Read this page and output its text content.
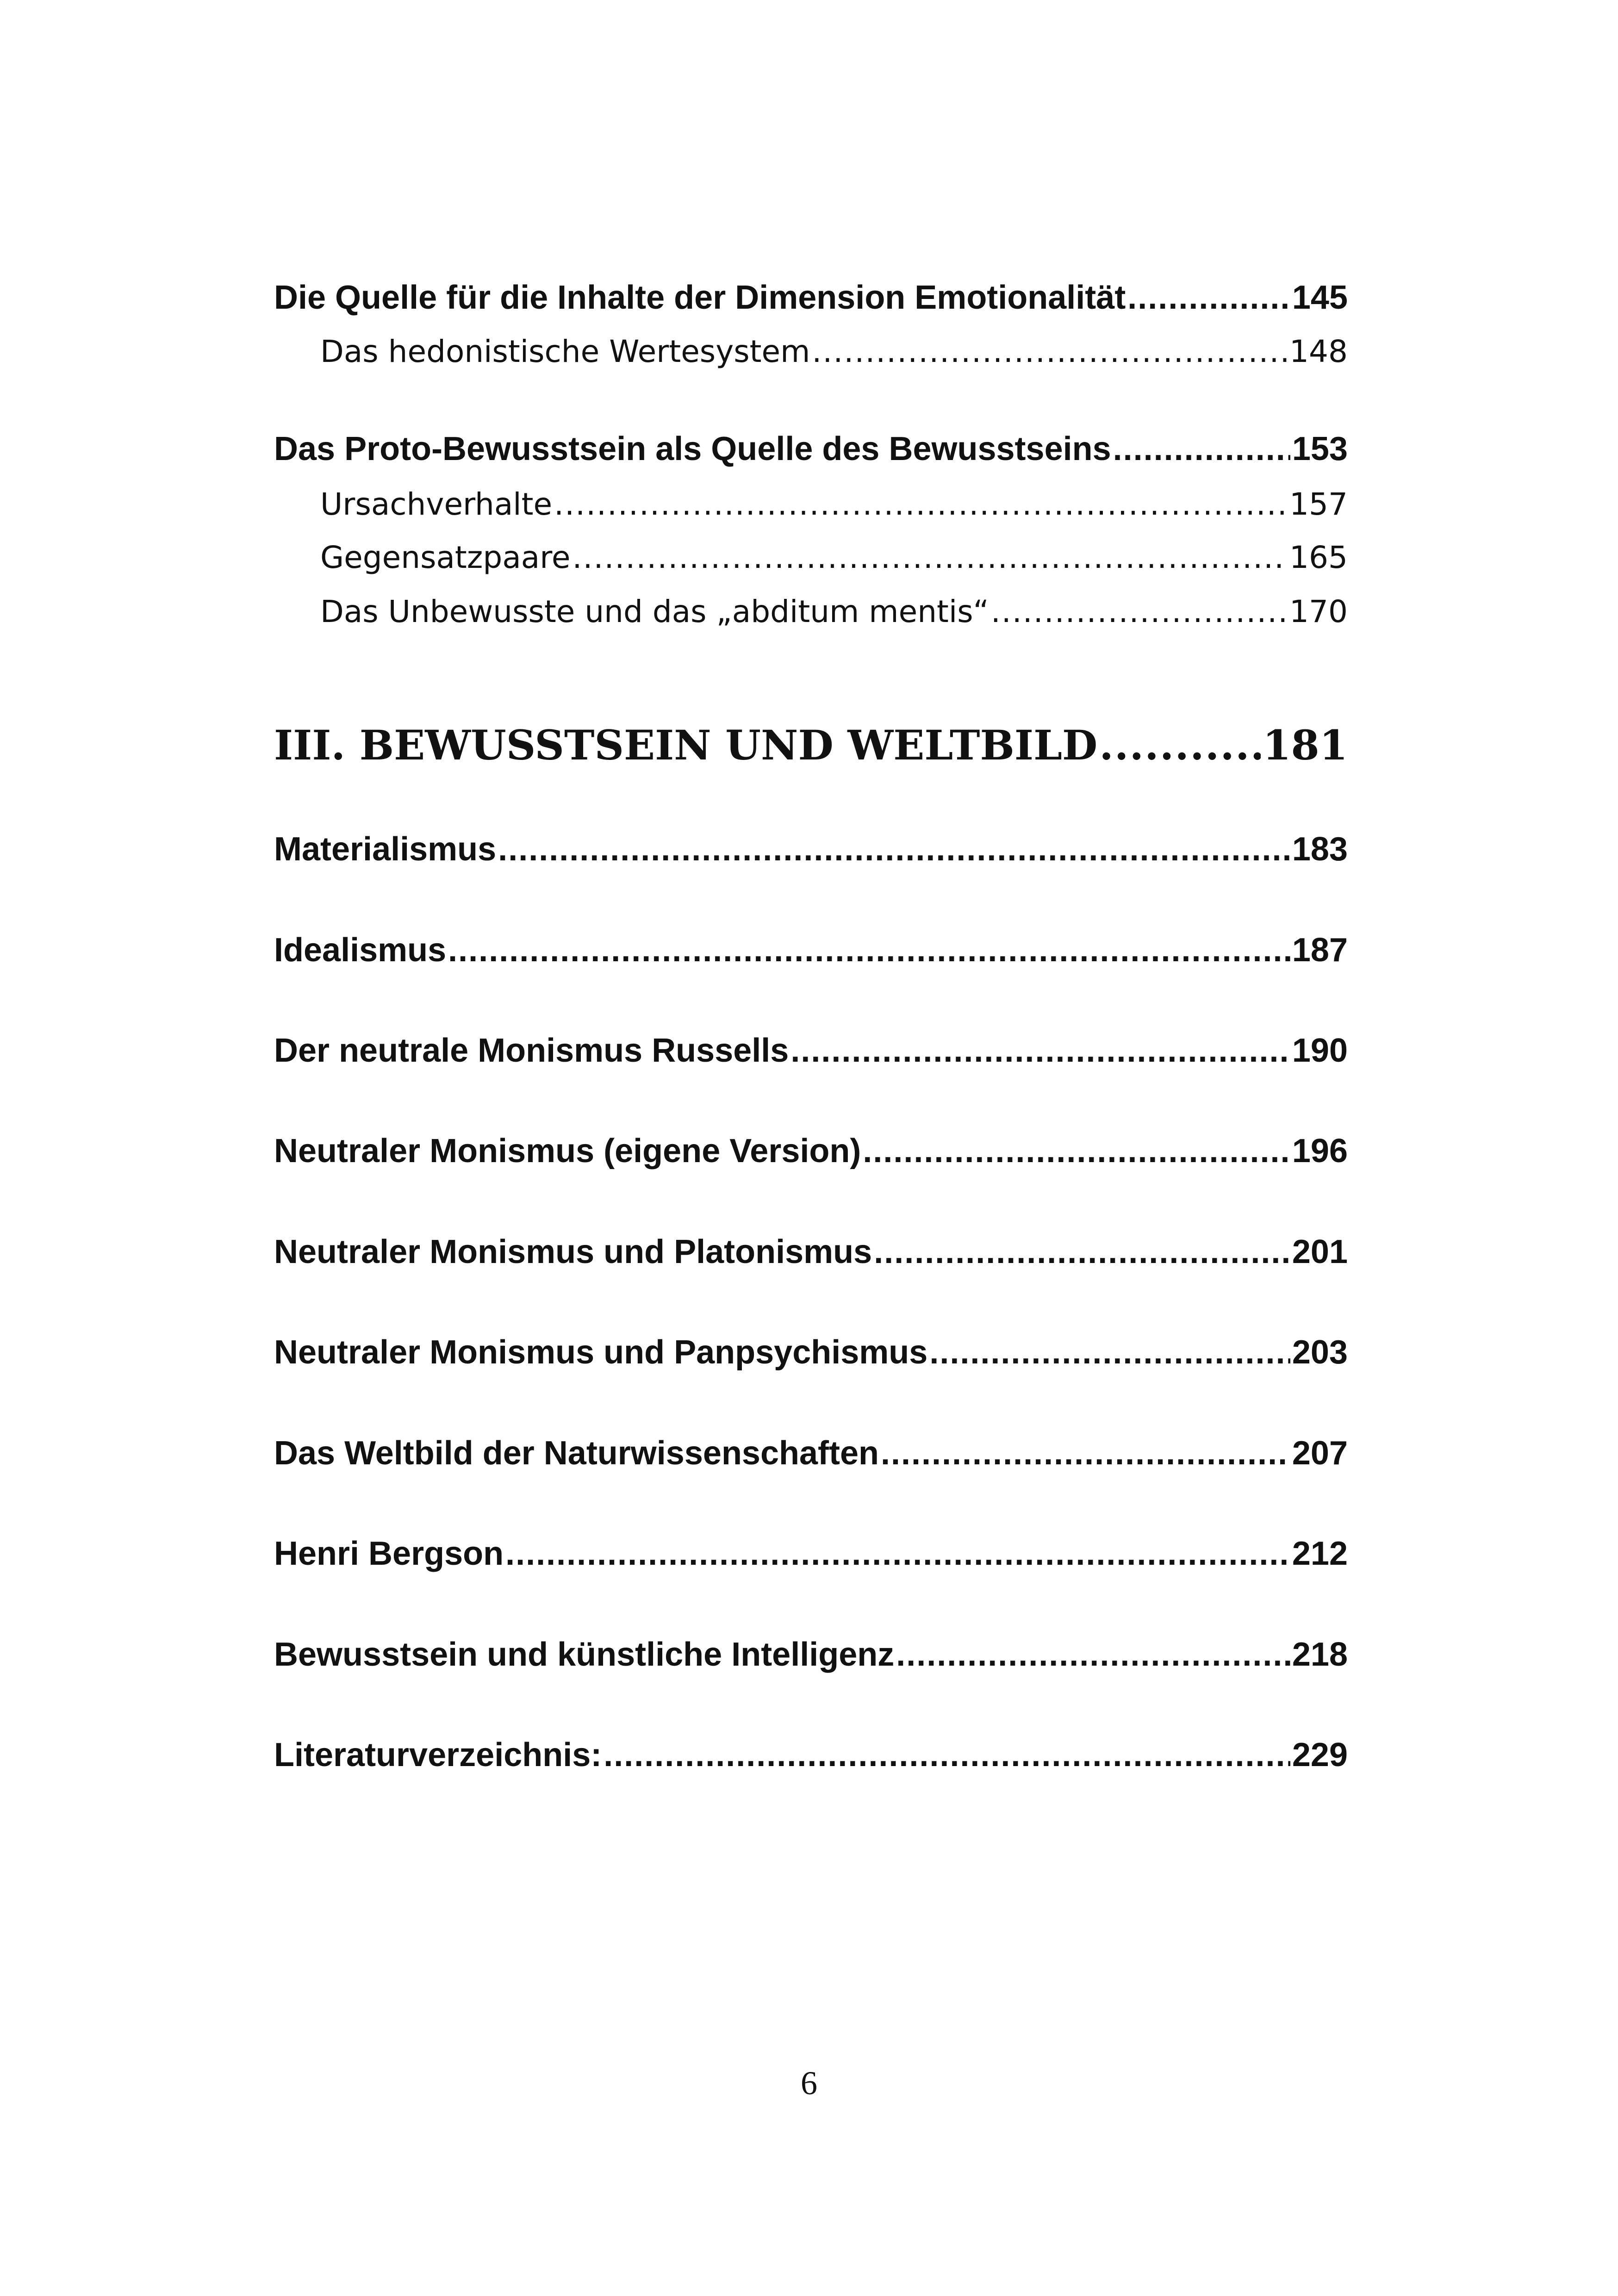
Die Quelle für die Inhalte der Dimension Emotionalität .....	145
Das hedonistische Wertesystem .....	148
Das Proto-Bewusstsein als Quelle des Bewusstseins .....	153
Ursachverhalte .....	157
Gegensatzpaare .....	165
Das Unbewusste und das „abditum mentis“ .....	170
III. BEWUSSTSEIN UND WELTBILD .....	181
Materialismus .....	183
Idealismus .....	187
Der neutrale Monismus Russells .....	190
Neutraler Monismus (eigene Version) .....	196
Neutraler Monismus und Platonismus .....	201
Neutraler Monismus und Panpsychismus .....	203
Das Weltbild der Naturwissenschaften .....	207
Henri Bergson .....	212
Bewusstsein und künstliche Intelligenz .....	218
Literaturverzeichnis: .....	229
6
